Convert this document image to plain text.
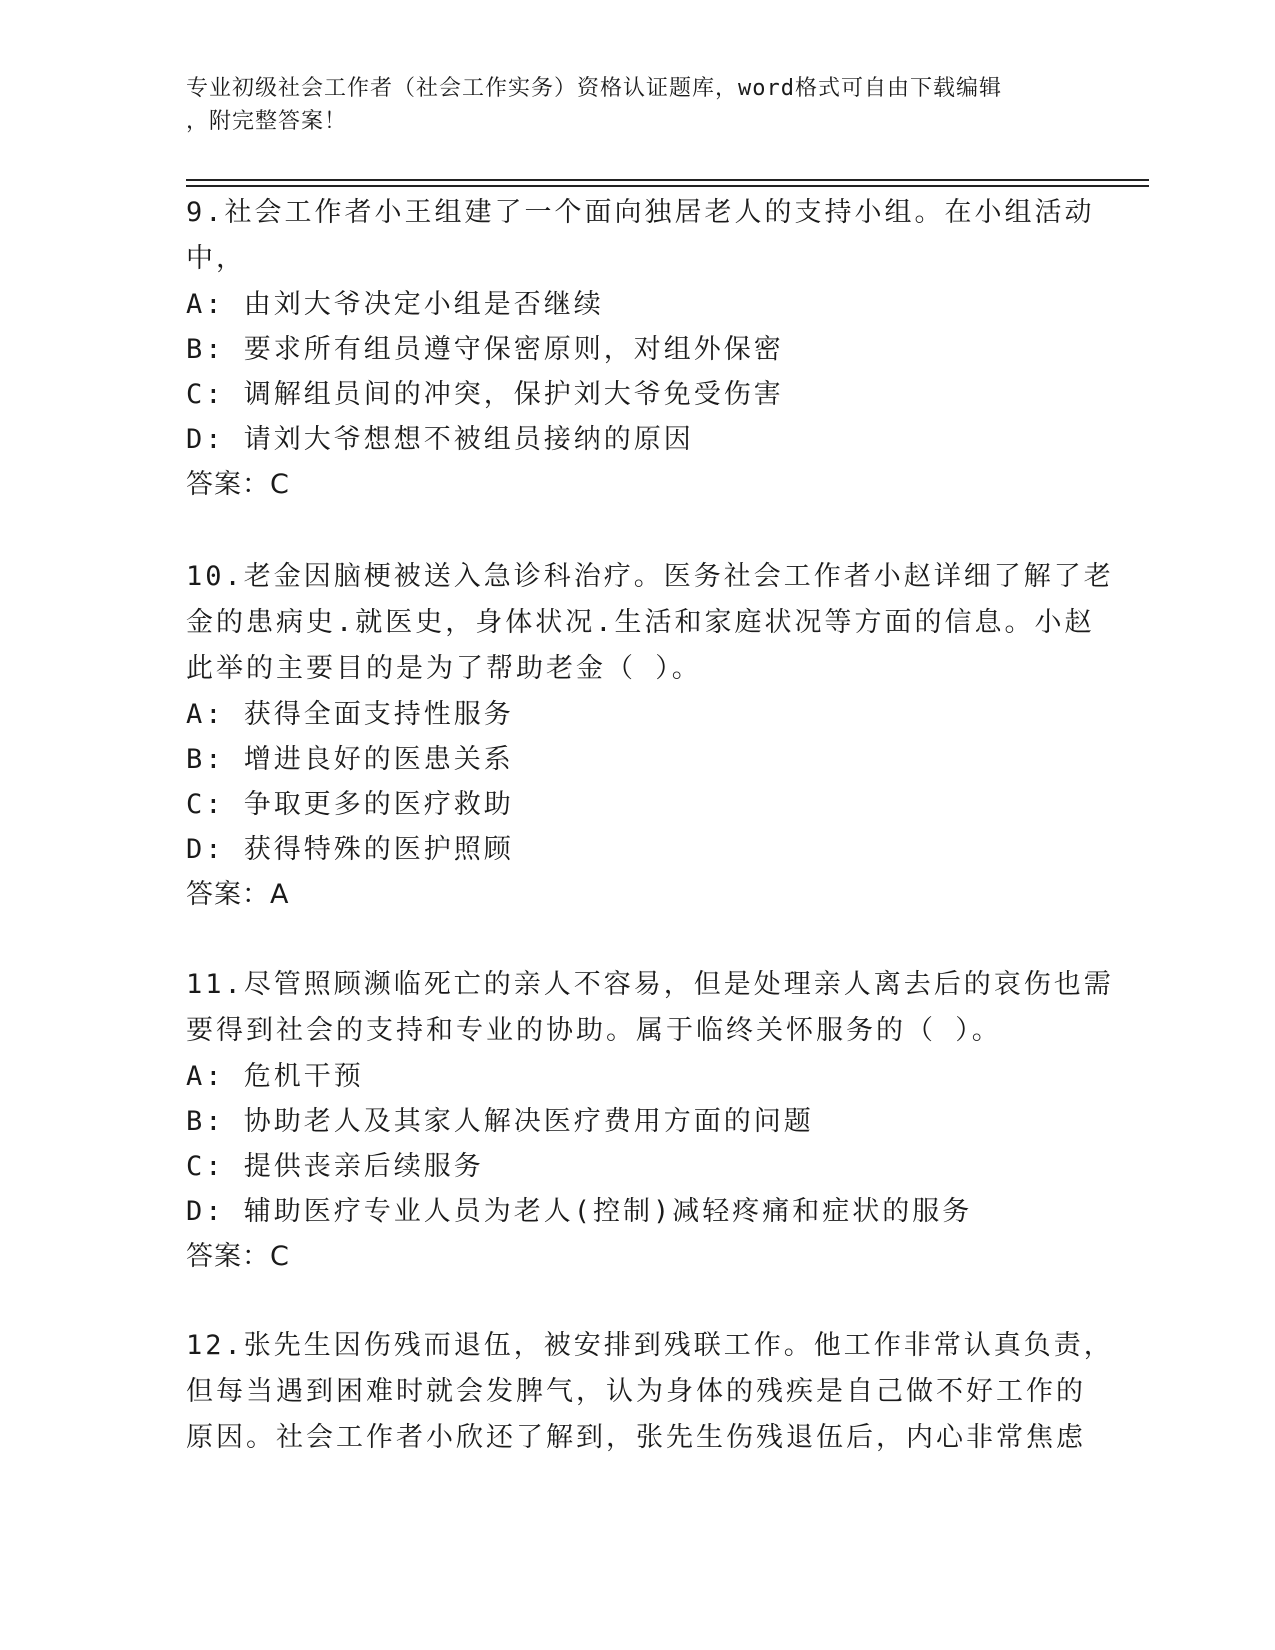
专业初级社会工作者（社会工作实务）资格认证题库，word格式可自由下载编辑
，附完整答案！
9.社会工作者小王组建了一个面向独居老人的支持小组。在小组活动
中，
A: 由刘大爷决定小组是否继续
B: 要求所有组员遵守保密原则，对组外保密
C: 调解组员间的冲突，保护刘大爷免受伤害
D: 请刘大爷想想不被组员接纳的原因
答案：C
10.老金因脑梗被送入急诊科治疗。医务社会工作者小赵详细了解了老
金的患病史.就医史，身体状况.生活和家庭状况等方面的信息。小赵
此举的主要目的是为了帮助老金（ ）。
A: 获得全面支持性服务
B: 增进良好的医患关系
C: 争取更多的医疗救助
D: 获得特殊的医护照顾
答案：A
11.尽管照顾濒临死亡的亲人不容易，但是处理亲人离去后的哀伤也需
要得到社会的支持和专业的协助。属于临终关怀服务的（ ）。
A: 危机干预
B: 协助老人及其家人解决医疗费用方面的问题
C: 提供丧亲后续服务
D: 辅助医疗专业人员为老人(控制)减轻疼痛和症状的服务
答案：C
12.张先生因伤残而退伍，被安排到残联工作。他工作非常认真负责，
但每当遇到困难时就会发脾气，认为身体的残疾是自己做不好工作的
原因。社会工作者小欣还了解到，张先生伤残退伍后，内心非常焦虑
